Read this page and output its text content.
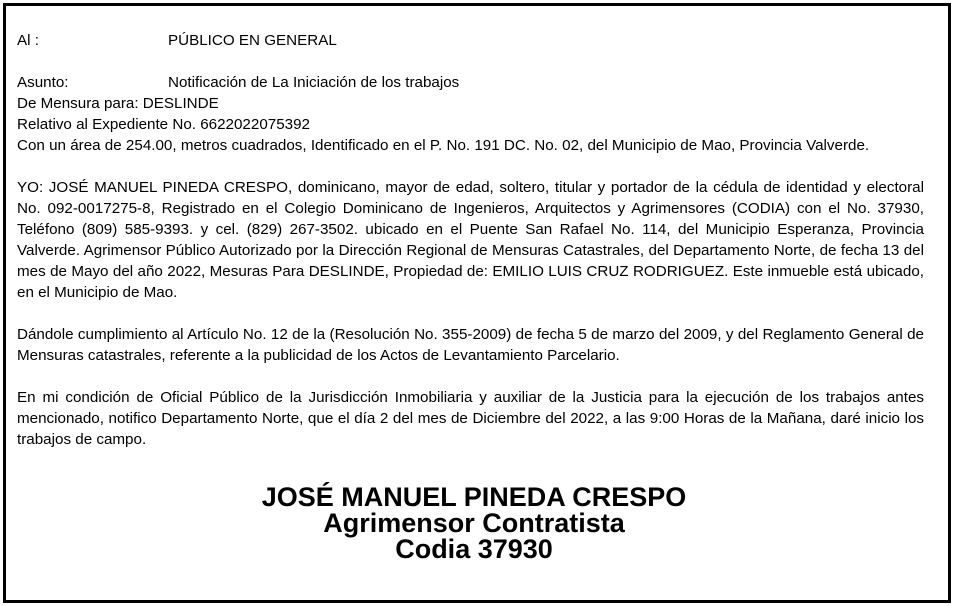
Al :	PÚBLICO EN GENERAL
Asunto:	Notificación de La Iniciación de los trabajos
De Mensura para: DESLINDE
Relativo al Expediente No. 6622022075392
Con un área de 254.00, metros cuadrados, Identificado en el P. No. 191 DC. No. 02, del Municipio de Mao, Provincia Valverde.
YO: JOSÉ MANUEL PINEDA CRESPO, dominicano, mayor de edad, soltero, titular y portador de la cédula de identidad y electoral No. 092-0017275-8, Registrado en el Colegio Dominicano de Ingenieros, Arquitectos y Agrimensores (CODIA) con el No. 37930, Teléfono (809) 585-9393. y cel. (829) 267-3502. ubicado en el Puente San Rafael No. 114, del Municipio Esperanza, Provincia Valverde. Agrimensor Público Autorizado por la Dirección Regional de Mensuras Catastrales, del Departamento Norte, de fecha 13 del mes de Mayo del año 2022, Mesuras Para DESLINDE, Propiedad de: EMILIO LUIS CRUZ RODRIGUEZ. Este inmueble está ubicado, en el Municipio de Mao.
Dándole cumplimiento al Artículo No. 12 de la (Resolución No. 355-2009) de fecha 5 de marzo del 2009, y del Reglamento General de Mensuras catastrales, referente a la publicidad de los Actos de Levantamiento Parcelario.
En mi condición de Oficial Público de la Jurisdicción Inmobiliaria y auxiliar de la Justicia para la ejecución de los trabajos antes mencionado, notifico Departamento Norte, que el día 2 del mes de Diciembre del 2022, a las 9:00 Horas de la Mañana, daré inicio los trabajos de campo.
JOSÉ MANUEL PINEDA CRESPO
Agrimensor Contratista
Codia 37930
